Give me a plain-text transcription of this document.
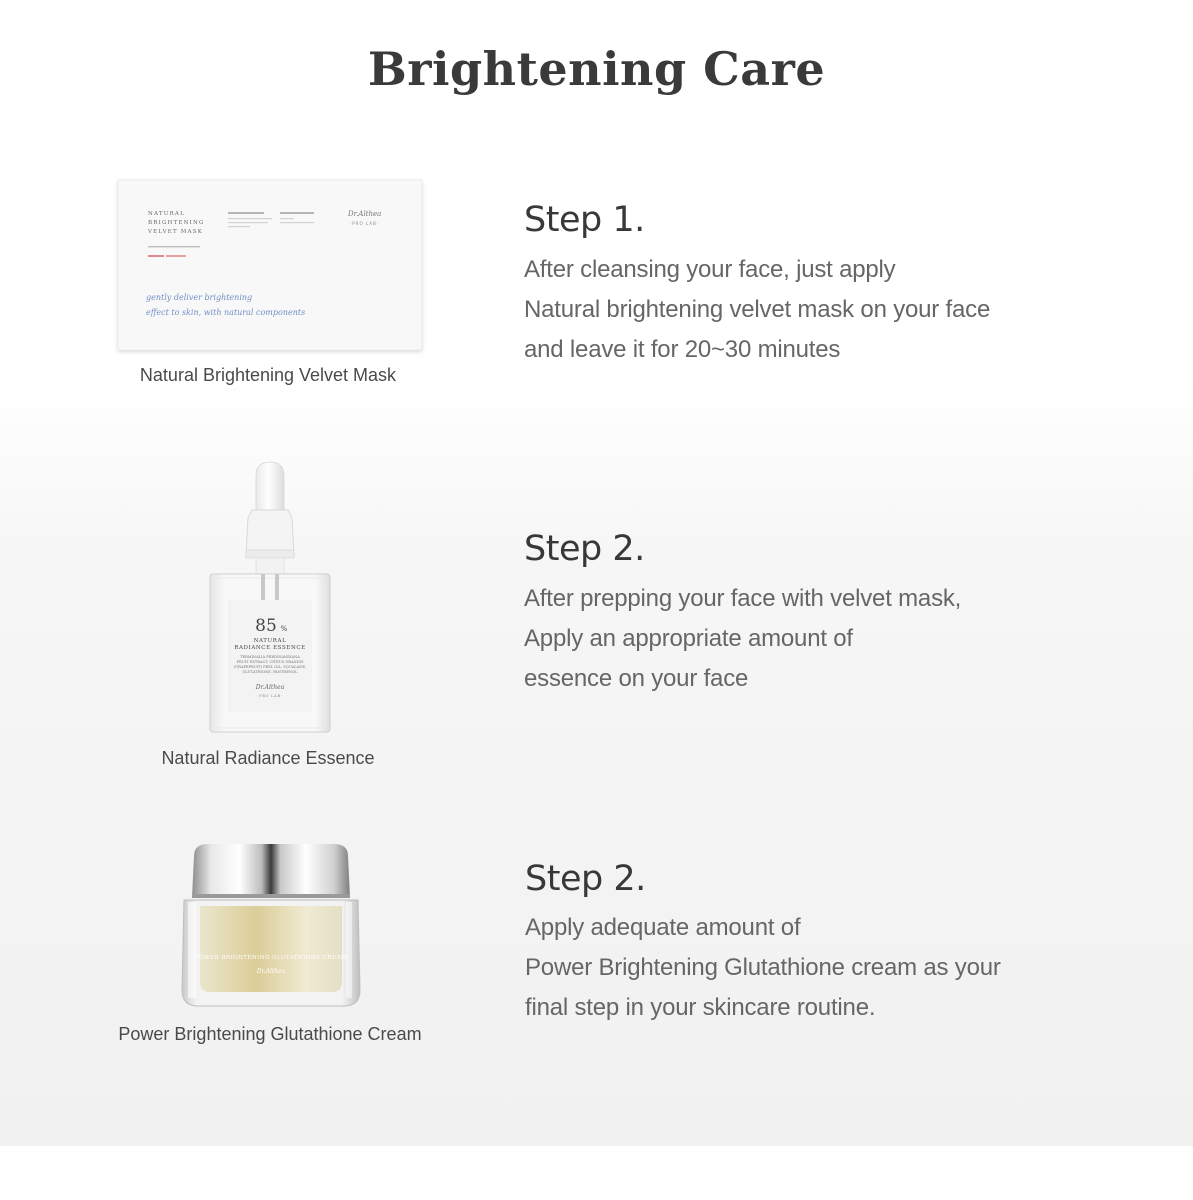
Brightening Care
NATURAL
BRIGHTENING
VELVET MASK
Dr.Althea
·PRO LAB·
gently deliver brightening
effect to skin, with natural components
Natural Brightening Velvet Mask
Step 1.
After cleansing your face, just apply
Natural brightening velvet mask on your face
and leave it for 20~30 minutes
85 %
NATURAL
RADIANCE ESSENCE
TERMINALIA FERDINANDIANA
FRUIT EXTRACT, CITRUS GRANDIS
(GRAPEFRUIT) PEEL OIL, SQUALANE,
GLUTATHIONE, PANTHENOL
Dr.Althea
·PRO LAB·
Natural Radiance Essence
Step 2.
After prepping your face with velvet mask,
Apply an appropriate amount of
essence on your face
POWER BRIGHTENING GLUTATHIONE CREAM
Dr.Althea
Power Brightening Glutathione Cream
Step 2.
Apply adequate amount of
Power Brightening Glutathione cream as your
final step in your skincare routine.
